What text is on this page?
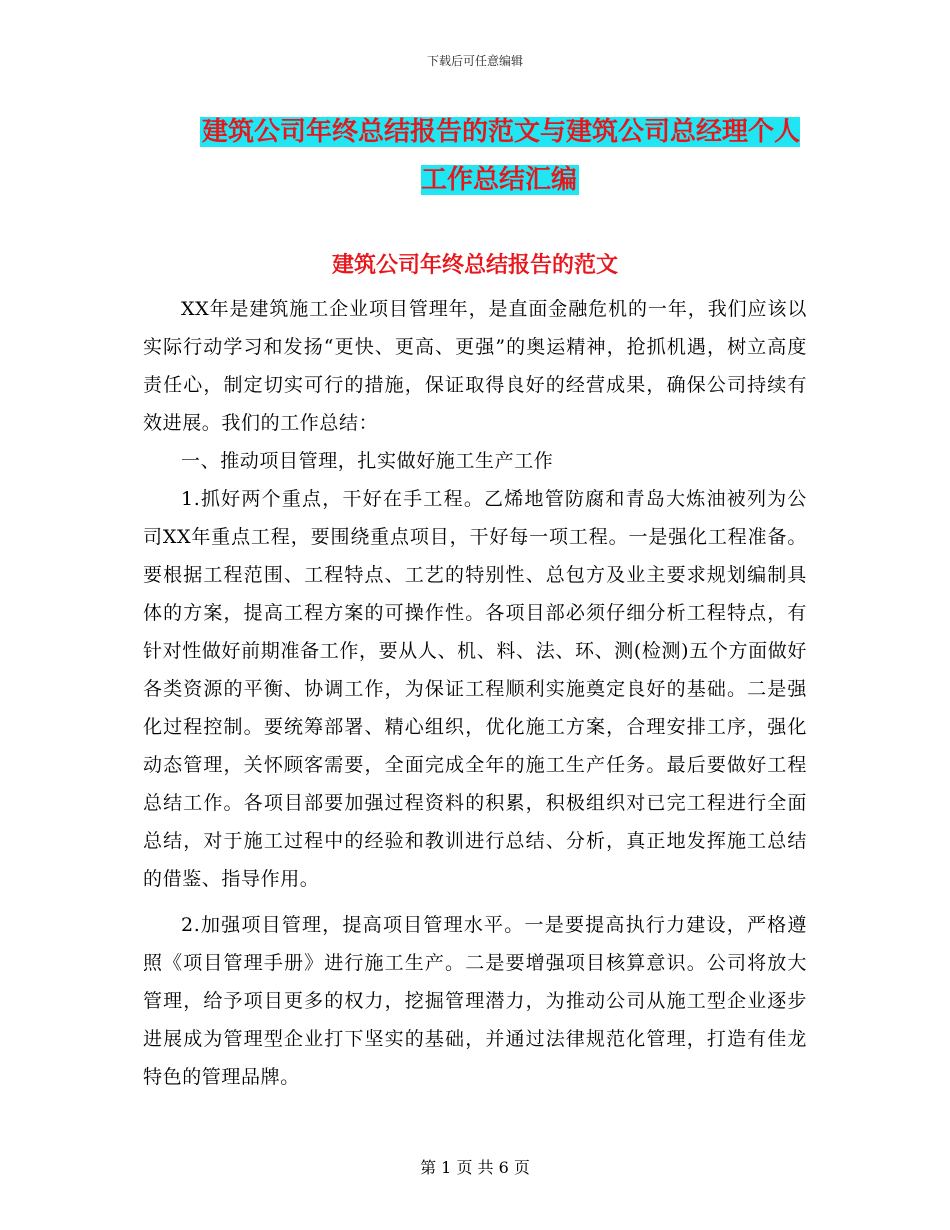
下载后可任意编辑
建筑公司年终总结报告的范文与建筑公司总经理个人工作总结汇编
建筑公司年终总结报告的范文

XX年是建筑施工企业项目管理年，是直面金融危机的一年，我们应该以实际行动学习和发扬“更快、更高、更强”的奥运精神，抢抓机遇，树立高度责任心，制定切实可行的措施，保证取得良好的经营成果，确保公司持续有效进展。我们的工作总结：

一、推动项目管理，扎实做好施工生产工作

1.抓好两个重点，干好在手工程。乙烯地管防腐和青岛大炼油被列为公司XX年重点工程，要围绕重点项目，干好每一项工程。一是强化工程准备。要根据工程范围、工程特点、工艺的特别性、总包方及业主要求规划编制具体的方案，提高工程方案的可操作性。各项目部必须仔细分析工程特点，有针对性做好前期准备工作，要从人、机、料、法、环、测(检测)五个方面做好各类资源的平衡、协调工作，为保证工程顺利实施奠定良好的基础。二是强化过程控制。要统筹部署、精心组织，优化施工方案，合理安排工序，强化动态管理，关怀顾客需要，全面完成全年的施工生产任务。最后要做好工程总结工作。各项目部要加强过程资料的积累，积极组织对已完工程进行全面总结，对于施工过程中的经验和教训进行总结、分析，真正地发挥施工总结的借鉴、指导作用。

2.加强项目管理，提高项目管理水平。一是要提高执行力建设，严格遵照《项目管理手册》进行施工生产。二是要增强项目核算意识。公司将放大管理，给予项目更多的权力，挖掘管理潜力，为推动公司从施工型企业逐步进展成为管理型企业打下坚实的基础，并通过法律规范化管理，打造有佳龙特色的管理品牌。

第 1 页 共 6 页
